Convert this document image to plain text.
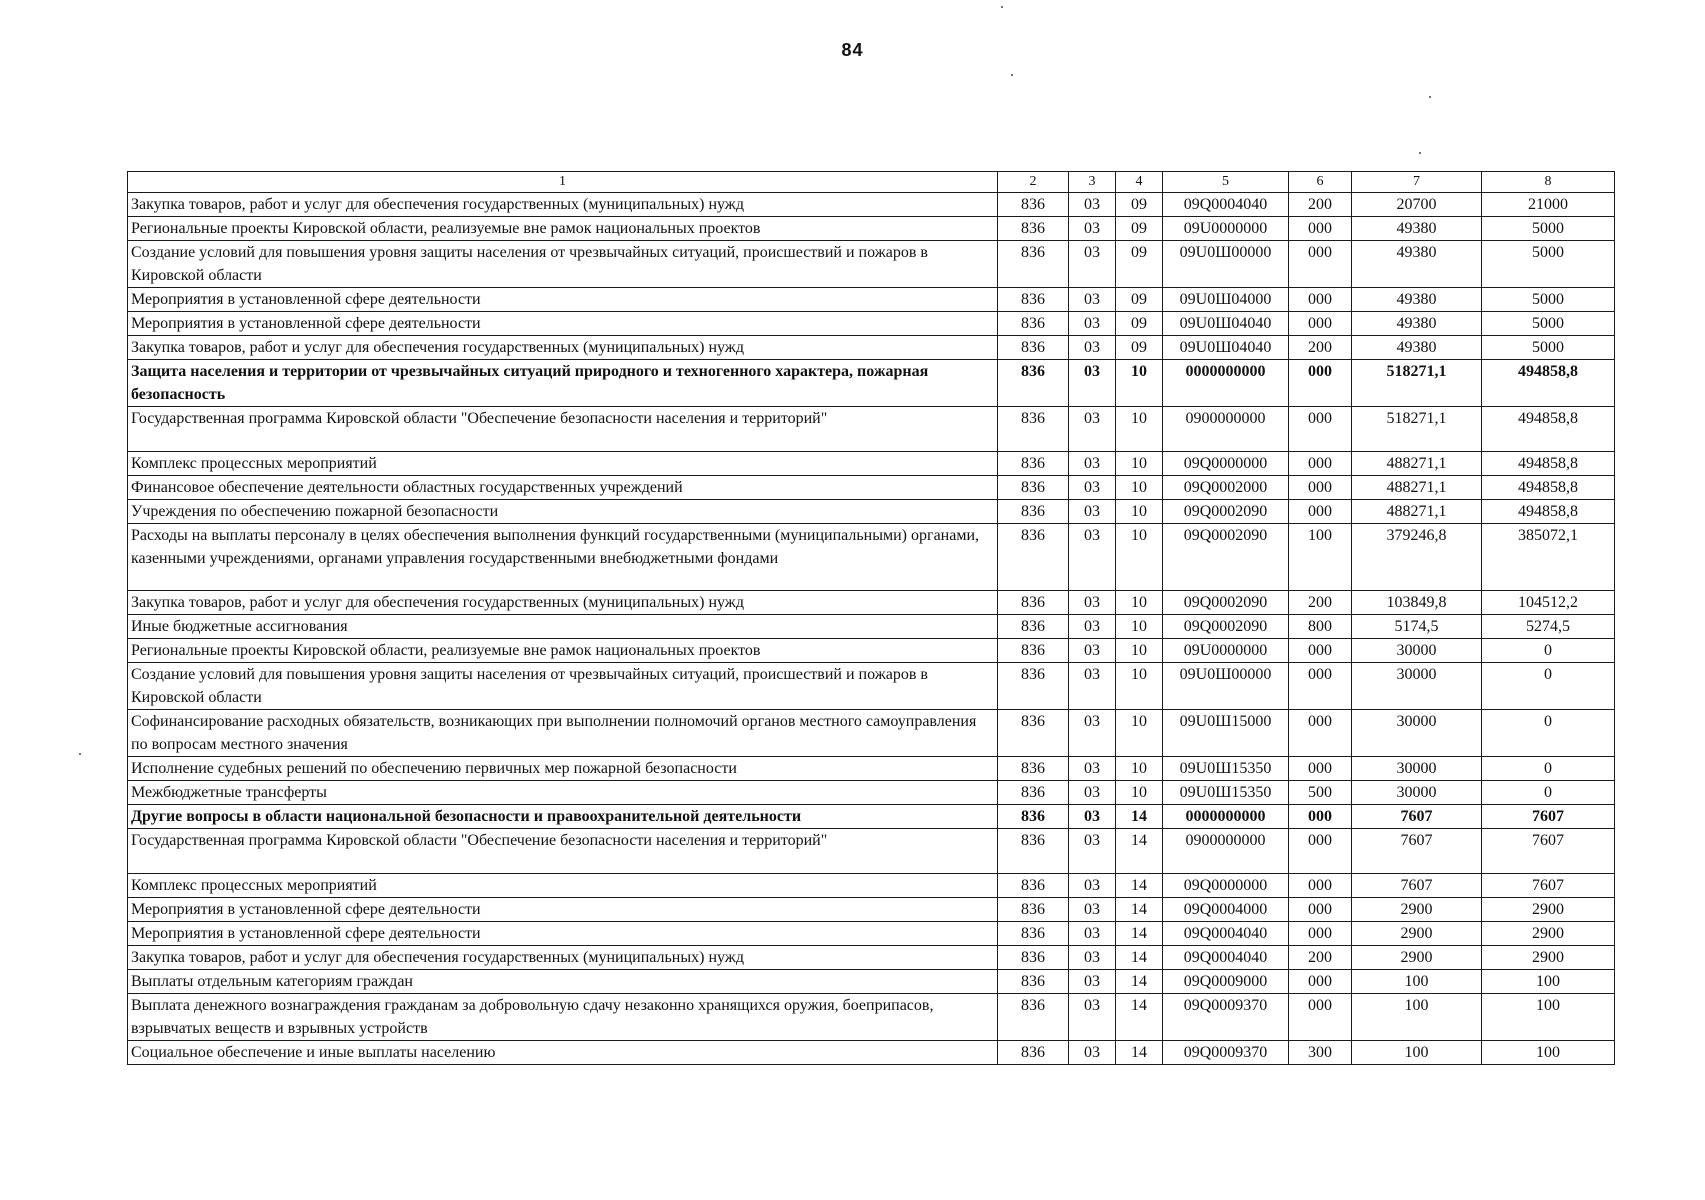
84
1	2	3	4	5	6	7	8
Закупка товаров, работ и услуг для обеспечения государственных (муниципальных) нужд	836	03	09	09Q0004040	200	20700	21000
Региональные проекты Кировской области, реализуемые вне рамок национальных проектов	836	03	09	09U0000000	000	49380	5000
Создание условий для повышения уровня защиты населения от чрезвычайных ситуаций, происшествий и пожаров в Кировской области	836	03	09	09U0Ш00000	000	49380	5000
Мероприятия в установленной сфере деятельности	836	03	09	09U0Ш04000	000	49380	5000
Мероприятия в установленной сфере деятельности	836	03	09	09U0Ш04040	000	49380	5000
Закупка товаров, работ и услуг для обеспечения государственных (муниципальных) нужд	836	03	09	09U0Ш04040	200	49380	5000
Защита населения и территории от чрезвычайных ситуаций природного и техногенного характера, пожарная безопасность	836	03	10	0000000000	000	518271,1	494858,8
Государственная программа Кировской области "Обеспечение безопасности населения и территорий"	836	03	10	0900000000	000	518271,1	494858,8
Комплекс процессных мероприятий	836	03	10	09Q0000000	000	488271,1	494858,8
Финансовое обеспечение деятельности областных государственных учреждений	836	03	10	09Q0002000	000	488271,1	494858,8
Учреждения по обеспечению пожарной безопасности	836	03	10	09Q0002090	000	488271,1	494858,8
Расходы на выплаты персоналу в целях обеспечения выполнения функций государственными (муниципальными) органами, казенными учреждениями, органами управления государственными внебюджетными фондами	836	03	10	09Q0002090	100	379246,8	385072,1
Закупка товаров, работ и услуг для обеспечения государственных (муниципальных) нужд	836	03	10	09Q0002090	200	103849,8	104512,2
Иные бюджетные ассигнования	836	03	10	09Q0002090	800	5174,5	5274,5
Региональные проекты Кировской области, реализуемые вне рамок национальных проектов	836	03	10	09U0000000	000	30000	0
Создание условий для повышения уровня защиты населения от чрезвычайных ситуаций, происшествий и пожаров в Кировской области	836	03	10	09U0Ш00000	000	30000	0
Софинансирование расходных обязательств, возникающих при выполнении полномочий органов местного самоуправления по вопросам местного значения	836	03	10	09U0Ш15000	000	30000	0
Исполнение судебных решений по обеспечению первичных мер пожарной безопасности	836	03	10	09U0Ш15350	000	30000	0
Межбюджетные трансферты	836	03	10	09U0Ш15350	500	30000	0
Другие вопросы в области национальной безопасности и правоохранительной деятельности	836	03	14	0000000000	000	7607	7607
Государственная программа Кировской области "Обеспечение безопасности населения и территорий"	836	03	14	0900000000	000	7607	7607
Комплекс процессных мероприятий	836	03	14	09Q0000000	000	7607	7607
Мероприятия в установленной сфере деятельности	836	03	14	09Q0004000	000	2900	2900
Мероприятия в установленной сфере деятельности	836	03	14	09Q0004040	000	2900	2900
Закупка товаров, работ и услуг для обеспечения государственных (муниципальных) нужд	836	03	14	09Q0004040	200	2900	2900
Выплаты отдельным категориям граждан	836	03	14	09Q0009000	000	100	100
Выплата денежного вознаграждения гражданам за добровольную сдачу незаконно хранящихся оружия, боеприпасов, взрывчатых веществ и взрывных устройств	836	03	14	09Q0009370	000	100	100
Социальное обеспечение и иные выплаты населению	836	03	14	09Q0009370	300	100	100
